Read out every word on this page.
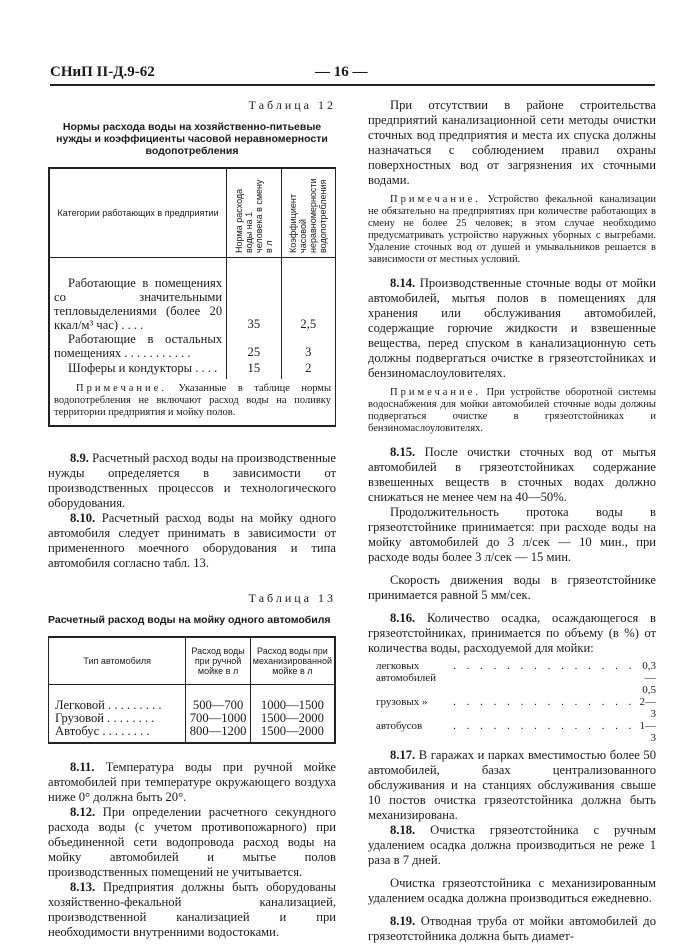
СНиП II-Д.9-62	— 16 —
Таблица 12
Нормы расхода воды на хозяйственно-питьевые нужды и коэффициенты часовой неравномерности водопотребления
Категории работающих в предприятии	Норма расхода воды на 1 человека в смену в л	Коэффициент часовой неравномерности водопотребления

Работающие в помещениях со значительными тепловыделениями (более 20 ккал/м³ час) . . . .	35	2,5
Работающие в остальных помещениях . . . . . . . . . . .	25	3
Шоферы и кондукторы . . . .	15	2
Примечание. Указанные в таблице нормы водопотребления не включают расход воды на поливку территории предприятия и мойку полов.		

8.9. Расчетный расход воды на производственные нужды определяется в зависимости от производственных процессов и технологического оборудования.

8.10. Расчетный расход воды на мойку одного автомобиля следует принимать в зависимости от примененного моечного оборудования и типа автомобиля согласно табл. 13.

Таблица 13
Расчетный расход воды на мойку одного автомобиля
Тип автомобиля	Расход воды при ручной мойке в л	Расход воды при механизированной мойке в л
Легковой . . . . . . . . .	500—700	1000—1500
Грузовой . . . . . . . .	700—1000	1500—2000
Автобус . . . . . . . .	800—1200	1500—2000

8.11. Температура воды при ручной мойке автомобилей при температуре окружающего воздуха ниже 0° должна быть 20°.

8.12. При определении расчетного секундного расхода воды (с учетом противопожарного) при объединенной сети водопровода расход воды на мойку автомобилей и мытье полов производственных помещений не учитывается.

8.13. Предприятия должны быть оборудованы хозяйственно-фекальной канализацией, производственной канализацией и при необходимости внутренними водостоками.

При отсутствии в районе строительства предприятий канализационной сети методы очистки сточных вод предприятия и места их спуска должны назначаться с соблюдением правил охраны поверхностных вод от загрязнения их сточными водами.

Примечание. Устройство фекальной канализации не обязательно на предприятиях при количестве работающих в смену не более 25 человек; в этом случае необходимо предусматривать устройство наружных уборных с выгребами. Удаление сточных вод от душей и умывальников решается в зависимости от местных условий.

8.14. Производственные сточные воды от мойки автомобилей, мытья полов в помещениях для хранения или обслуживания автомобилей, содержащие горючие жидкости и взвешенные вещества, перед спуском в канализационную сеть должны подвергаться очистке в грязеотстойниках и бензиномаслоуловителях.

Примечание. При устройстве оборотной системы водоснабжения для мойки автомобилей сточные воды должны подвергаться очистке в грязеотстойниках и бензиномаслоуловителях.

8.15. После очистки сточных вод от мытья автомобилей в грязеотстойниках содержание взвешенных веществ в сточных водах должно снижаться не менее чем на 40—50%.

Продолжительность протока воды в грязеотстойнике принимается: при расходе воды на мойку автомобилей до 3 л/сек — 10 мин., при расходе воды более 3 л/сек — 15 мин.

Скорость движения воды в грязеотстойнике принимается равной 5 мм/сек.

8.16. Количество осадка, осаждающегося в грязеотстойниках, принимается по объему (в %) от количества воды, расходуемой для мойки:

легковых автомобилей
. . . . . . . . . . . . . . 0,3—0,5
грузовых »	. . . . . . . . . . . . . . 2—3
автобусов	. . . . . . . . . . . . . . 1—3

8.17. В гаражах и парках вместимостью более 50 автомобилей, базах централизованного обслуживания и на станциях обслуживания свыше 10 постов очистка грязеотстойника должна быть механизирована.

8.18. Очистка грязеотстойника с ручным удалением осадка должна производиться не реже 1 раза в 7 дней.

Очистка грязеотстойника с механизированным удалением осадка должна производиться ежедневно.

8.19. Отводная труба от мойки автомобилей до грязеотстойника должна быть диамет-
